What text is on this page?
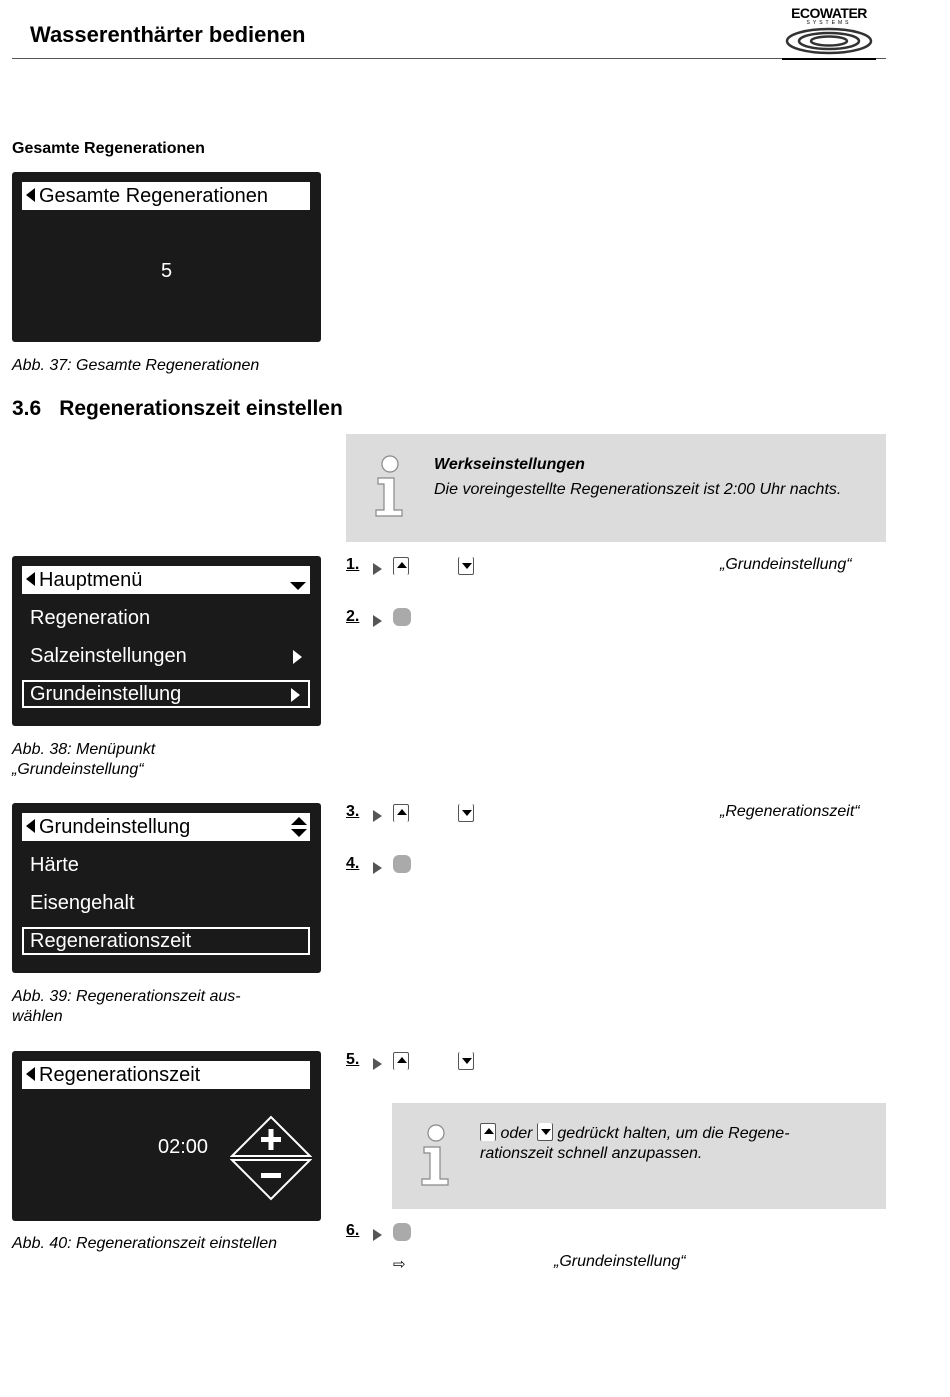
Wasserenthärter bedienen
ECOWATER
SYSTEMS
Gesamte Regenerationen
Gesamte Regenerationen
5
Abb. 37: Gesamte Regenerationen
3.6 Regenerationszeit einstellen
Werkseinstellungen
Die voreingestellte Regenerationszeit ist 2:00 Uhr nachts.
Hauptmenü
Regeneration
Salzeinstellungen
Grundeinstellung
Abb. 38: Menüpunkt
„Grundeinstellung“
Grundeinstellung
Härte
Eisengehalt
Regenerationszeit
Abb. 39: Regenerationszeit aus-
wählen
Regenerationszeit
02:00
Abb. 40: Regenerationszeit einstellen
1.	„Grundeinstellung“
2.
3.	„Regenerationszeit“
4.
5.
oder gedrückt halten, um die Regene-
rationszeit schnell anzupassen.
6.
⇨	„Grundeinstellung“
